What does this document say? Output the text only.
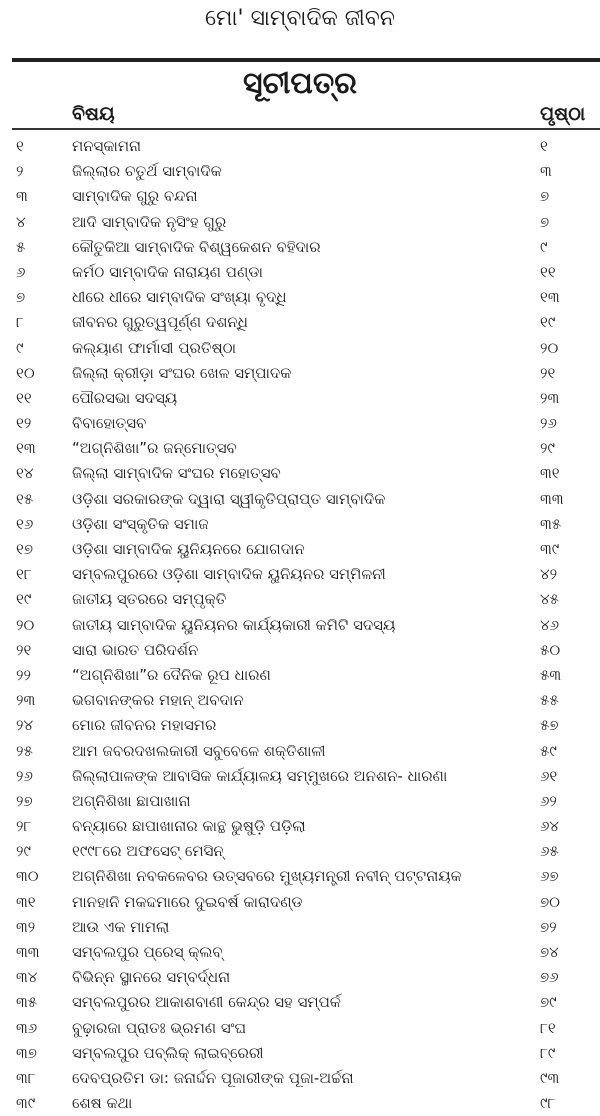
ମୋ' ସାମ୍ବାଦିକ ଜୀବନ
ସୂଚୀପତ୍ର
ବିଷୟ	ପୃଷ୍ଠା
୧	ମନସ୍କାମନା	୧
୨	ଜିଲ୍ଲାର ଚତୁର୍ଥ ସାମ୍ବାଦିକ	୩
୩	ସାମ୍ବାଦିକ ଗୁରୁ ବନ୍ଦନା	୭
୪	ଆଦି ସାମ୍ବାଦିକ ନୃସିଂହ ଗୁରୁ	୭
୫	କୌତୁକିଆ ସାମ୍ବାଦିକ ବିଶ୍ୱକେଶନ ବହିଦାର	୯
୬	କର୍ମଠ ସାମ୍ବାଦିକ ନାରାୟଣ ପଣ୍ଡା	୧୧
୭	ଧୀରେ ଧୀରେ ସାମ୍ବାଦିକ ସଂଖ୍ୟା ବୃଦ୍ଧି	୧୩
୮	ଜୀବନର ଗୁରୁତ୍ୱପୂର୍ଣ୍ଣ ଦଶନ୍ଧି	୧୯
୯	କଲ୍ୟାଣ ଫାର୍ମାସୀ ପ୍ରତିଷ୍ଠା	୨୦
୧୦ ଜିଲ୍ଲା କ୍ରୀଡ଼ା ସଂଘର ଖେଳ ସମ୍ପାଦକ	୨୧
୧୧	ପୌରସଭା ସଦସ୍ୟ	୨୩
୧୨	ବିବାହୋତ୍ସବ	୨୬
୧୩ “ଅଗ୍ନିଶିଖା”ର ଜନ୍ମୋତ୍ସବ	୨୯
୧୪	ଜିଲ୍ଲା ସାମ୍ବାଦିକ ସଂଘର ମହୋତ୍ସବ	୩୧
୧୫	ଓଡ଼ିଶା ସରକାରଙ୍କ ଦ୍ୱାରା ସ୍ୱୀକୃତିପ୍ରାପ୍ତ ସାମ୍ବାଦିକ	୩୩
୧୬	ଓଡ଼ିଶା ସଂସ୍କୃତିକ ସମାଜ	୩୫
୧୭	ଓଡ଼ିଶା ସାମ୍ବାଦିକ ୟୁନିୟନରେ ଯୋଗଦାନ	୩୯
୧୮	ସମ୍ବଲପୁରରେ ଓଡ଼ିଶା ସାମ୍ବାଦିକ ୟୁନିୟନର ସମ୍ମିଳନୀ	୪୨
୧୯	ଜାତୀୟ ସ୍ତରରେ ସମ୍ପୃକ୍ତି	୪୫
୨୦	ଜାତୀୟ ସାମ୍ବାଦିକ ୟୁନିୟନର କାର୍ଯ୍ୟକାରୀ କମିଟି ସଦସ୍ୟ	୪୬
୨୧	ସାରା ଭାରତ ପରିଦର୍ଶନ	୫୦
୨୨	“ଅଗ୍ନିଶିଖା”ର ଦୈନିକ ରୂପ ଧାରଣ	୫୩
୨୩ ଭଗବାନଙ୍କର ମହାନ୍ ଅବଦାନ	୫୫
୨୪	ମୋର ଜୀବନର ମହାସମର	୫୭
୨୫	ଆମ ଜବରଦଖଲକାରୀ ସବୁବେଳେ ଶକ୍ତିଶାଳୀ	୫୯
୨୬	ଜିଲ୍ଲାପାଳଙ୍କ ଆବାସିକ କାର୍ଯ୍ୟାଳୟ ସମ୍ମୁଖରେ ଅନଶନ- ଧାରଣା	୬୧
୨୭	ଅଗ୍ନିଶିଖା ଛାପାଖାନା	୬୨
୨୮	ବନ୍ୟାରେ ଛାପାଖାନାର କାନ୍ଥ ଭୁଷୁଡ଼ି ପଡ଼ିଲା	୬୪
୨୯	୧୯୯୮ରେ ଅଫସେଟ୍ ମେସିନ୍	୬୫
୩୦ ଅଗ୍ନିଶିଖା ନବକଳେବର ଉତ୍ସବରେ ମୁଖ୍ୟମନ୍ତ୍ରୀ ନବୀନ୍ ପଟ୍ଟନାୟକ	୬୭
୩୧ ମାନହାନି ମକଦ୍ଦମାରେ ଦୁଇବର୍ଷ କାରାଦଣ୍ଡ	୭୦
୩୨ ଆଉ ଏକ ମାମଲା	୭୨
୩୩ ସମ୍ବଲପୁର ପ୍ରେସ୍ କ୍ଲବ୍	୭୪
୩୪ ବିଭିନ୍ନ ସ୍ଥାନରେ ସମ୍ବର୍ଦ୍ଧନା	୭୬
୩୫ ସମ୍ବଲପୁରର ଆକାଶବାଣୀ କେନ୍ଦ୍ର ସହ ସମ୍ପର୍କ	୭୯
୩୬ ବୁଢ଼ାରଜା ପ୍ରାତଃ ଭ୍ରମଣ ସଂଘ	୮୧
୩୭ ସମ୍ବଲପୁର ପବ୍ଲିକ୍ ଲାଇବ୍ରେରୀ	୮୯
୩୮ ଦେବପ୍ରତିମ ଡା: ଜନାର୍ଦ୍ଦନ ପୂଜାରୀଙ୍କ ପୂଜା-ଅର୍ଚ୍ଚନା	୯୩
୩୯ ଶେଷ କଥା	୯୮
